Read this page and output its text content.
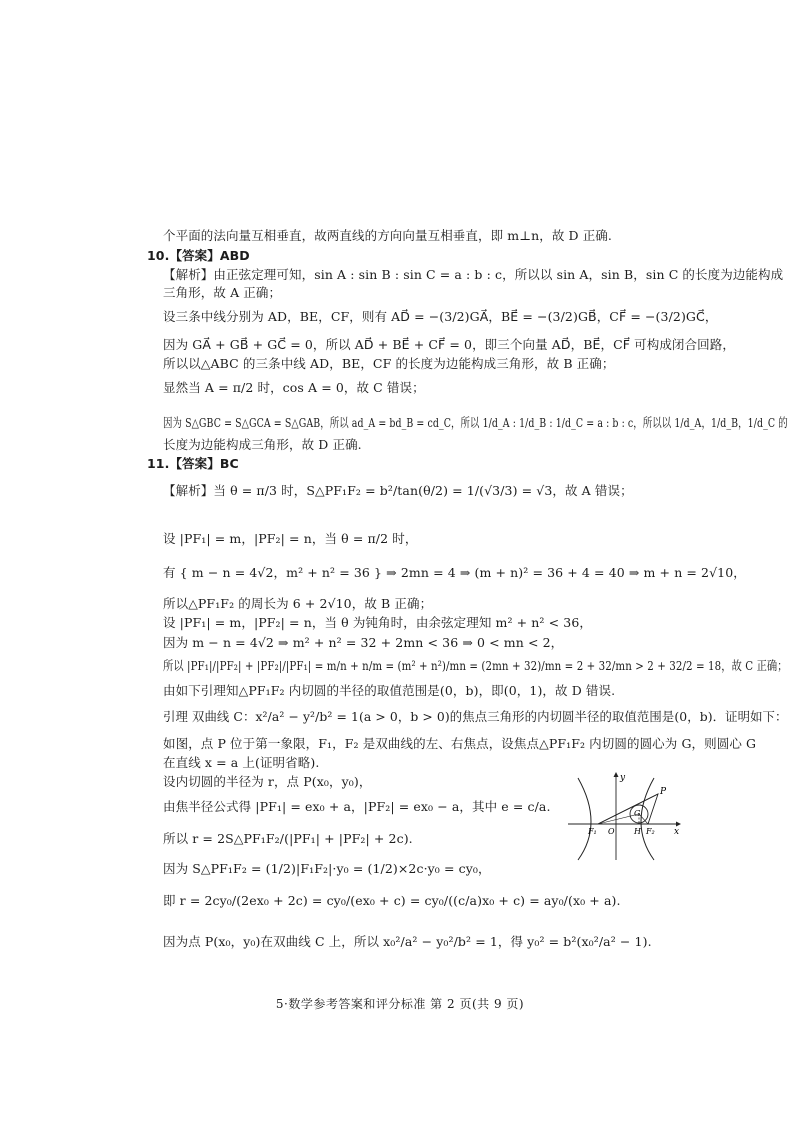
个平面的法向量互相垂直，故两直线的方向向量互相垂直，即 m⊥n，故 D 正确.
10.【答案】ABD
【解析】由正弦定理可知，sin A : sin B : sin C = a : b : c，所以以 sin A，sin B，sin C 的长度为边能构成
三角形，故 A 正确；
设三条中线分别为 AD，BE，CF，则有 AD⃗ = −(3/2)GA⃗，BE⃗ = −(3/2)GB⃗，CF⃗ = −(3/2)GC⃗，
因为 GA⃗ + GB⃗ + GC⃗ = 0，所以 AD⃗ + BE⃗ + CF⃗ = 0，即三个向量 AD⃗，BE⃗，CF⃗ 可构成闭合回路，
所以以△ABC 的三条中线 AD，BE，CF 的长度为边能构成三角形，故 B 正确；
显然当 A = π/2 时，cos A = 0，故 C 错误；
因为 S△GBC = S△GCA = S△GAB，所以 ad_A = bd_B = cd_C，所以 1/d_A : 1/d_B : 1/d_C = a : b : c，所以以 1/d_A，1/d_B，1/d_C 的
长度为边能构成三角形，故 D 正确.
11.【答案】BC
【解析】当 θ = π/3 时，S△PF₁F₂ = b²/tan(θ/2) = 1/(√3/3) = √3，故 A 错误；
设 |PF₁| = m，|PF₂| = n，当 θ = π/2 时，
有 { m − n = 4√2，m² + n² = 36 } ⇒ 2mn = 4 ⇒ (m + n)² = 36 + 4 = 40 ⇒ m + n = 2√10，
所以△PF₁F₂ 的周长为 6 + 2√10，故 B 正确；
设 |PF₁| = m，|PF₂| = n，当 θ 为钝角时，由余弦定理知 m² + n² < 36，
因为 m − n = 4√2 ⇒ m² + n² = 32 + 2mn < 36 ⇒ 0 < mn < 2，
所以 |PF₁|/|PF₂| + |PF₂|/|PF₁| = m/n + n/m = (m² + n²)/mn = (2mn + 32)/mn = 2 + 32/mn > 2 + 32/2 = 18，故 C 正确；
由如下引理知△PF₁F₂ 内切圆的半径的取值范围是(0，b)，即(0，1)，故 D 错误.
引理 双曲线 C：x²/a² − y²/b² = 1(a > 0，b > 0)的焦点三角形的内切圆半径的取值范围是(0，b)．证明如下：
如图，点 P 位于第一象限，F₁，F₂ 是双曲线的左、右焦点，设焦点△PF₁F₂ 内切圆的圆心为 G，则圆心 G
在直线 x = a 上(证明省略).
设内切圆的半径为 r，点 P(x₀，y₀)，
由焦半径公式得 |PF₁| = ex₀ + a，|PF₂| = ex₀ − a，其中 e = c/a.
所以 r = 2S△PF₁F₂/(|PF₁| + |PF₂| + 2c).
因为 S△PF₁F₂ = (1/2)|F₁F₂|·y₀ = (1/2)×2c·y₀ = cy₀，
即 r = 2cy₀/(2ex₀ + 2c) = cy₀/(ex₀ + c) = cy₀/((c/a)x₀ + c) = ay₀/(x₀ + a).
因为点 P(x₀，y₀)在双曲线 C 上，所以 x₀²/a² − y₀²/b² = 1，得 y₀² = b²(x₀²/a² − 1).
y
x
P
G
F₁ O H F₂
5·数学参考答案和评分标准 第 2 页(共 9 页)
